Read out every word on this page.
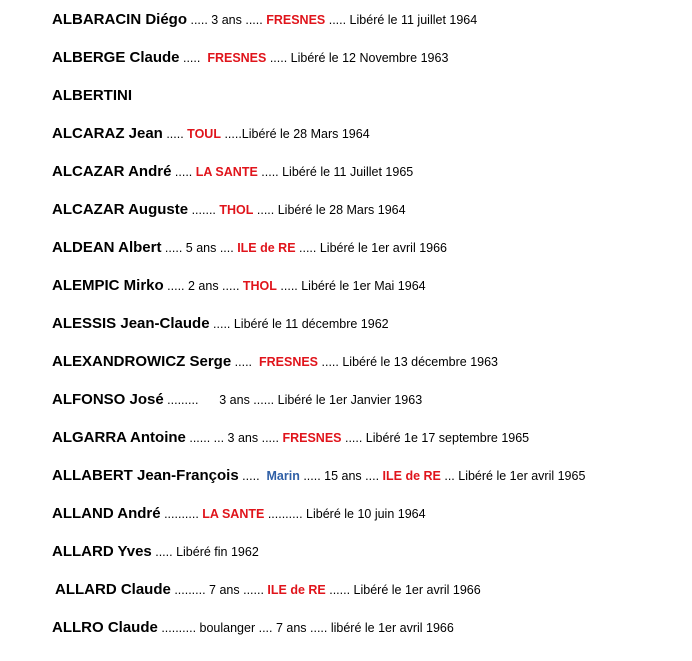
ALBARACIN Diégo ..... 3 ans ..... FRESNES ..... Libéré le 11 juillet 1964
ALBERGE Claude .....  FRESNES ..... Libéré le 12 Novembre 1963
ALBERTINI
ALCARAZ Jean ..... TOUL .....Libéré le 28 Mars 1964
ALCAZAR André ..... LA SANTE ..... Libéré le 11 Juillet 1965
ALCAZAR Auguste ....... THOL ..... Libéré le 28 Mars 1964
ALDEAN Albert ..... 5 ans .... ILE de RE ..... Libéré le 1er avril 1966
ALEMPIC Mirko ..... 2 ans ..... THOL ..... Libéré le 1er Mai 1964
ALESSIS Jean-Claude ..... Libéré le 11 décembre 1962
ALEXANDROWICZ Serge .....  FRESNES ..... Libéré le 13 décembre 1963
ALFONSO José .........      3 ans ...... Libéré le 1er Janvier 1963
ALGARRA Antoine ...... ... 3 ans ..... FRESNES ..... Libéré 1e 17 septembre 1965
ALLABERT Jean-François .....  Marin ..... 15 ans .... ILE de RE ... Libéré le 1er avril 1965
ALLAND André .......... LA SANTE .......... Libéré le 10 juin 1964
ALLARD Yves ..... Libéré fin 1962
ALLARD Claude ......... 7 ans ...... ILE de RE ...... Libéré le 1er avril 1966
ALLRO Claude .......... boulanger .... 7 ans ..... libéré le 1er avril 1966
